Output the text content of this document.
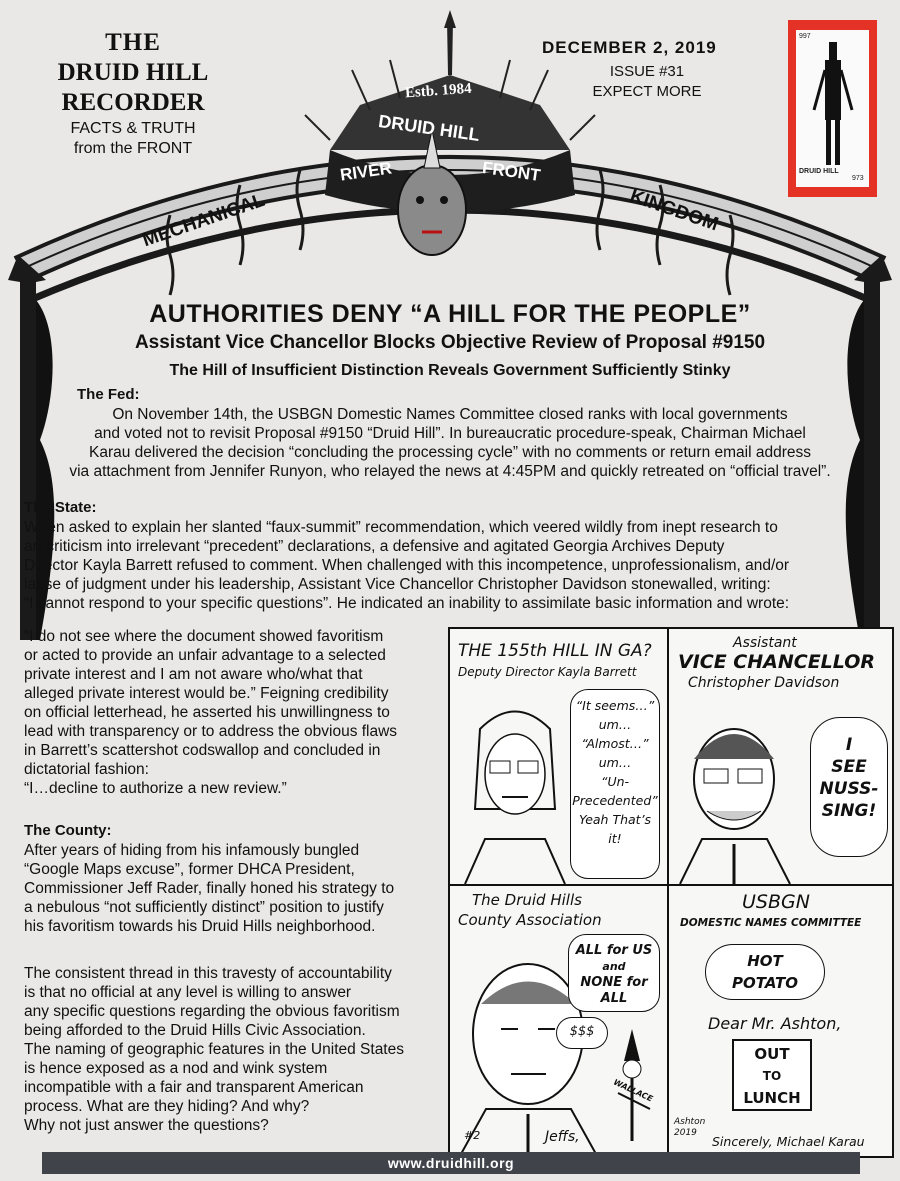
Estb. 1984
DRUID HILL
RIVER	FRONT
MECHANICAL	KINGDOM
THE
DRUID HILL
RECORDER
FACTS & TRUTH
from the FRONT
DECEMBER 2, 2019
ISSUE #31
EXPECT MORE
997
DRUID HILL
973
AUTHORITIES DENY “A HILL FOR THE PEOPLE”
Assistant Vice Chancellor Blocks Objective Review of Proposal #9150
The Hill of Insufficient Distinction Reveals Government Sufficiently Stinky
The Fed:
On November 14th, the USBGN Domestic Names Committee closed ranks with local governments
and voted not to revisit Proposal #9150 “Druid Hill”. In bureaucratic procedure-speak, Chairman Michael
Karau delivered the decision “concluding the processing cycle” with no comments or return email address
via attachment from Jennifer Runyon, who relayed the news at 4:45PM and quickly retreated on “official travel”.
The State:
When asked to explain her slanted “faux-summit” recommendation, which veered wildly from inept research to
art criticism into irrelevant “precedent” declarations, a defensive and agitated Georgia Archives Deputy
Director Kayla Barrett refused to comment. When challenged with this incompetence, unprofessionalism, and/or
lapse of judgment under his leadership, Assistant Vice Chancellor Christopher Davidson stonewalled, writing:
“I cannot respond to your specific questions”. He indicated an inability to assimilate basic information and wrote:
“I do not see where the document showed favoritism
or acted to provide an unfair advantage to a selected
private interest and I am not aware who/what that
alleged private interest would be.” Feigning credibility
on official letterhead, he asserted his unwillingness to
lead with transparency or to address the obvious flaws
in Barrett’s scattershot codswallop and concluded in
dictatorial fashion:
“I…decline to authorize a new review.”
The County:
After years of hiding from his infamously bungled
“Google Maps excuse”, former DHCA President,
Commissioner Jeff Rader, finally honed his strategy to
a nebulous “not sufficiently distinct” position to justify
his favoritism towards his Druid Hills neighborhood.
The consistent thread in this travesty of accountability
is that no official at any level is willing to answer
any specific questions regarding the obvious favoritism
being afforded to the Druid Hills Civic Association.
The naming of geographic features in the United States
is hence exposed as a nod and wink system
incompatible with a fair and transparent American
process. What are they hiding? And why?
Why not just answer the questions?
THE 155th HILL IN GA?
Deputy Director Kayla Barrett
“It seems…”
um…
“Almost…”
um…
“Un-
Precedented”
Yeah That’s it!
Assistant
VICE CHANCELLOR
Christopher Davidson
I
SEE
NUSS-
SING!
The Druid Hills
County Association
ALL for US
and
NONE for ALL
$$$
WALLACE
#2	Jeffs,
USBGN
DOMESTIC NAMES COMMITTEE
HOT
POTATO
Dear Mr. Ashton,
OUT
TO
LUNCH
Ashton
2019
Sincerely, Michael Karau
www.druidhill.org
